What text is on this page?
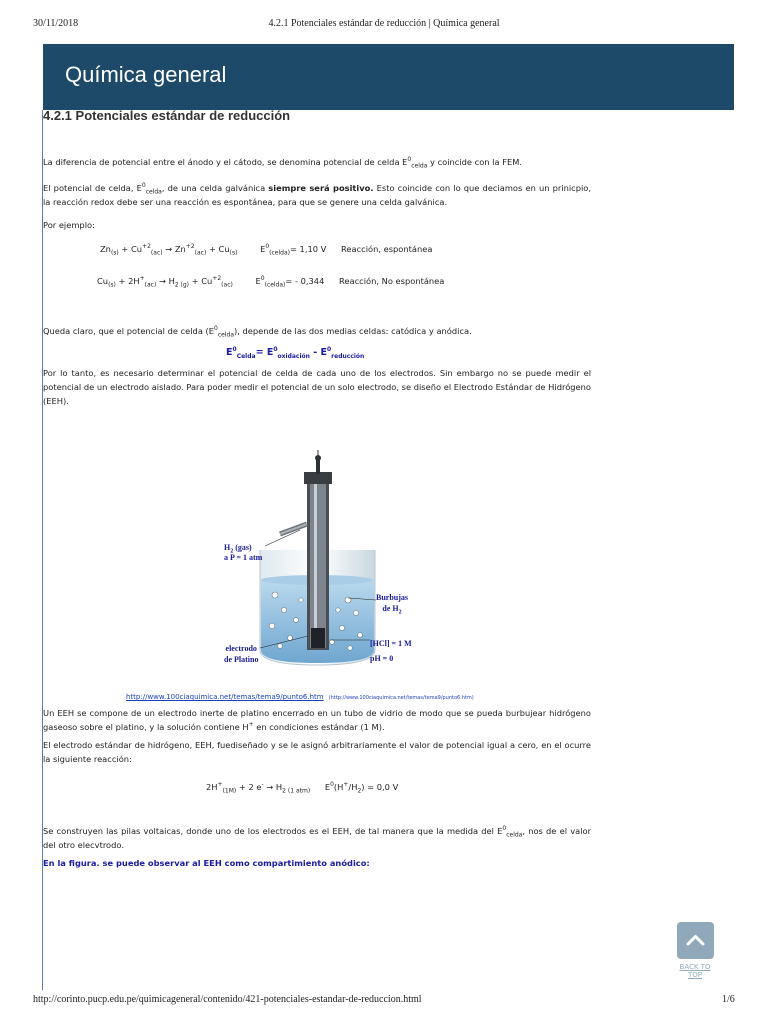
30/11/2018	4.2.1 Potenciales estándar de reducción | Química general
Química general
4.2.1 Potenciales estándar de reducción

La diferencia de potencial entre el ánodo y el cátodo, se denomina potencial de celda $E^0_{celda}$ y coincide con la FEM.

El potencial de celda, $E^0_{celda}$, de una celda galvánica siempre será positivo. Esto coincide con lo que deciamos en un prinicpio, la reacción redox debe ser una reacción es espontánea, para que se genere una celda galvánica.

Por ejemplo:

$Zn_{(s)} + Cu^{+2}_{(ac)} \to Zn^{+2}_{(ac)} + Cu_{(s)}$	$E^0_{(celda)}= 1,10$ V Reacción, espontánea
$Cu_{(s)} + 2H^+_{(ac)} \to H_{2 (g)} + Cu^{+2}_{(ac)}$	$E^0_{(celda)}= - 0,344$ Reacción, No espontánea

Queda claro, que el potencial de celda $(E^0_{celda})$, depende de las dos medias celdas: catódica y anódica.

$E^0_{Celda}= E^0_{oxidación} - E^0_{reducción}$

Por lo tanto, es necesario determinar el potencial de celda de cada uno de los electrodos. Sin embargo no se puede medir el potencial de un electrodo aislado. Para poder medir el potencial de un solo electrodo, se diseño el Electrodo Estándar de Hidrógeno (EEH).

$H_2$ (gas)
a P = 1 atm
Burbujas
de $H_2$
electrodo
de Platino
[HCl] = 1 M
pH = 0
http://www.100ciaquimica.net/temas/tema9/punto6.htm (http://www.100ciaquimica.net/temas/tema9/punto6.htm)

Un EEH se compone de un electrodo inerte de platino encerrado en un tubo de vidrio de modo que se pueda burbujear hidrógeno gaseoso sobre el platino, y la solución contiene H+ en condiciones estándar (1 M).

El electrodo estándar de hidrógeno, EEH, fuediseñado y se le asignó arbitrariamente el valor de potencial igual a cero, en el ocurre la siguiente reacción:

$2H^+_{(1M)} + 2$ $e^- \to H_{2 (1 atm)}$ $E^0(H^+/H_2) = 0,0$ V

Se construyen las pilas voltaicas, donde uno de los electrodos es el EEH, de tal manera que la medida del $E^0_{celda}$, nos de el valor del otro elecvtrodo.

En la figura. se puede observar al EEH como compartimiento anódico:

BACK TO
TOP
http://corinto.pucp.edu.pe/quimicageneral/contenido/421-potenciales-estandar-de-reduccion.html	1/6
